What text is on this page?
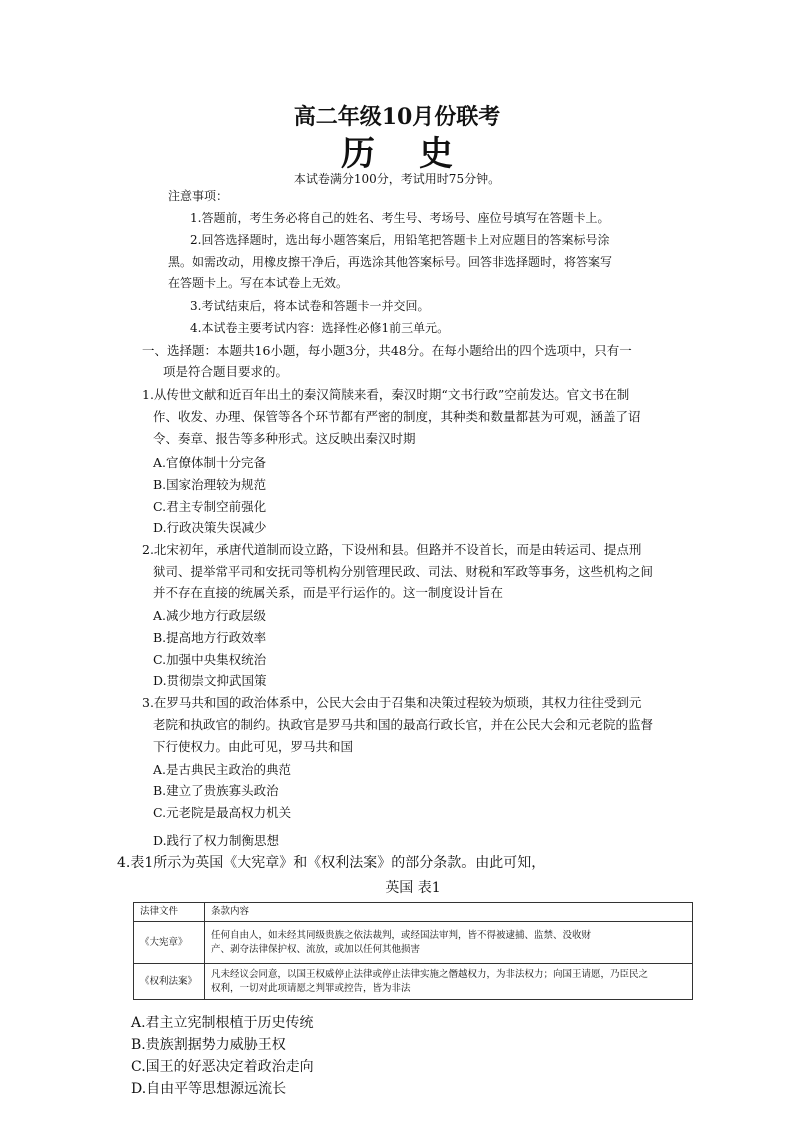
高二年级10月份联考
历史
本试卷满分100分，考试用时75分钟。
注意事项：
1.答题前，考生务必将自己的姓名、考生号、考场号、座位号填写在答题卡上。
2.回答选择题时，选出每小题答案后，用铅笔把答题卡上对应题目的答案标号涂
黑。如需改动，用橡皮擦干净后，再选涂其他答案标号。回答非选择题时，将答案写
在答题卡上。写在本试卷上无效。
3.考试结束后，将本试卷和答题卡一并交回。
4.本试卷主要考试内容：选择性必修1前三单元。
一、选择题：本题共16小题，每小题3分，共48分。在每小题给出的四个选项中，只有一
项是符合题目要求的。
1.从传世文献和近百年出土的秦汉简牍来看，秦汉时期“文书行政”空前发达。官文书在制
作、收发、办理、保管等各个环节都有严密的制度，其种类和数量都甚为可观，涵盖了诏
令、奏章、报告等多种形式。这反映出秦汉时期
A.官僚体制十分完备
B.国家治理较为规范
C.君主专制空前强化
D.行政决策失误减少
2.北宋初年，承唐代道制而设立路，下设州和县。但路并不设首长，而是由转运司、提点刑
狱司、提举常平司和安抚司等机构分别管理民政、司法、财税和军政等事务，这些机构之间
并不存在直接的统属关系，而是平行运作的。这一制度设计旨在
A.减少地方行政层级
B.提高地方行政效率
C.加强中央集权统治
D.贯彻崇文抑武国策
3.在罗马共和国的政治体系中，公民大会由于召集和决策过程较为烦琐，其权力往往受到元
老院和执政官的制约。执政官是罗马共和国的最高行政长官，并在公民大会和元老院的监督
下行使权力。由此可见，罗马共和国
A.是古典民主政治的典范
B.建立了贵族寡头政治
C.元老院是最高权力机关
D.践行了权力制衡思想
4.表1所示为英国《大宪章》和《权利法案》的部分条款。由此可知，
英国 表1
法律文件	条款内容
《大宪章》	任何自由人，如未经其同级贵族之依法裁判，或经国法审判，皆不得被逮捕、监禁、没收财
产、剥夺法律保护权、流放，或加以任何其他损害

《权利法案》	凡未经议会同意，以国王权威停止法律或停止法律实施之僭越权力，为非法权力；向国王请愿，乃臣民之
权利，一切对此项请愿之判罪或控告，皆为非法
A.君主立宪制根植于历史传统
B.贵族割据势力威胁王权
C.国王的好恶决定着政治走向
D.自由平等思想源远流长
